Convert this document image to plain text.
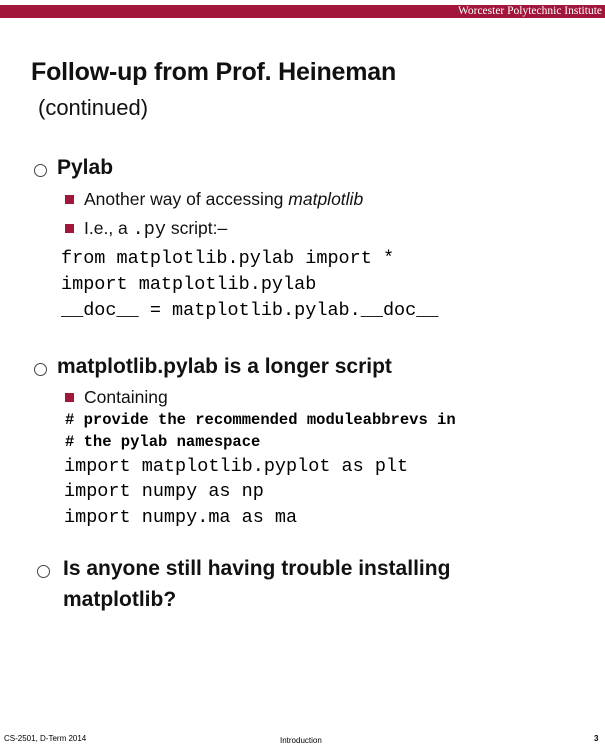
Worcester Polytechnic Institute
Follow-up from Prof. Heineman
(continued)
Pylab
Another way of accessing matplotlib
I.e., a .py script:–
from matplotlib.pylab import *
import matplotlib.pylab
__doc__ = matplotlib.pylab.__doc__
matplotlib.pylab is a longer script
Containing
# provide the recommended moduleabbrevs in
# the pylab namespace
import matplotlib.pyplot as plt
import numpy as np
import numpy.ma as ma
Is anyone still having trouble installing
matplotlib?
CS-2501, D-Term 2014	Introduction	3
